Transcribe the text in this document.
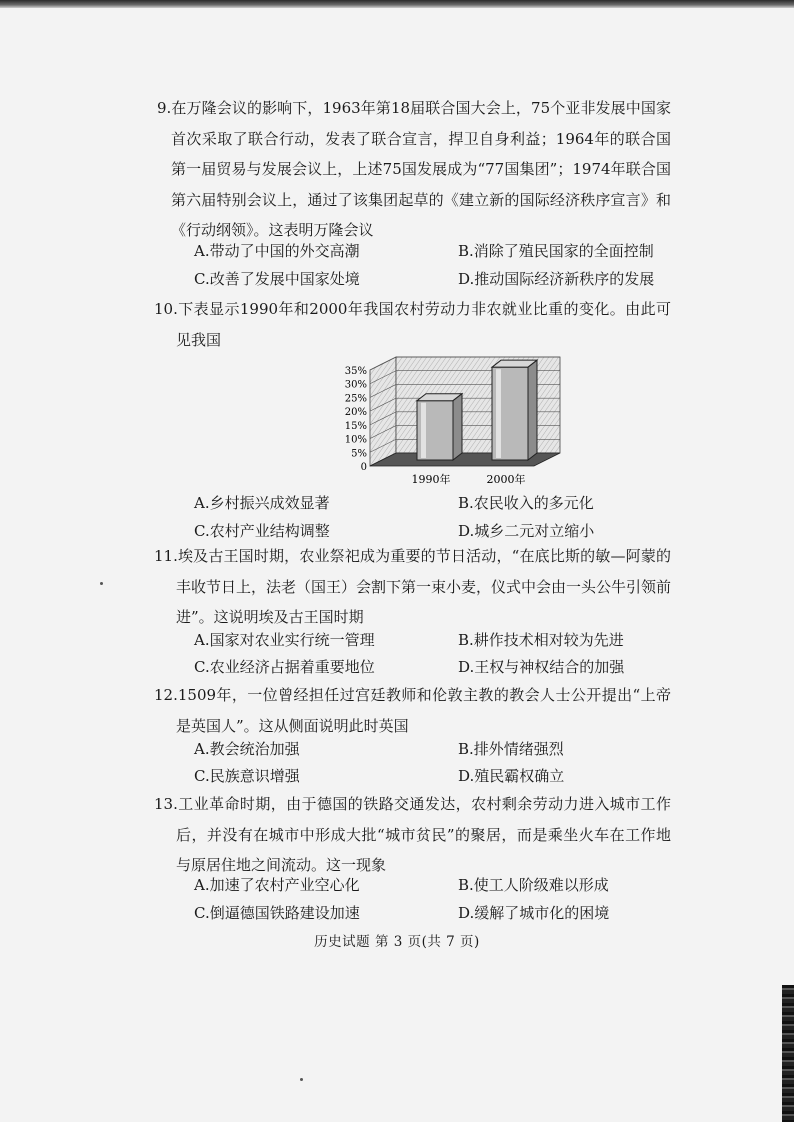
9.在万隆会议的影响下，1963年第18届联合国大会上，75个亚非发展中国家首次采取了联合行动，发表了联合宣言，捍卫自身利益；1964年的联合国第一届贸易与发展会议上，上述75国发展成为“77国集团”；1974年联合国第六届特别会议上，通过了该集团起草的《建立新的国际经济秩序宣言》和《行动纲领》。这表明万隆会议
A.带动了中国的外交高潮	B.消除了殖民国家的全面控制
C.改善了发展中国家处境	D.推动国际经济新秩序的发展
10.下表显示1990年和2000年我国农村劳动力非农就业比重的变化。由此可见我国
35%
30%
25%
20%
15%
10%
5%
0
1990年	2000年
A.乡村振兴成效显著	B.农民收入的多元化
C.农村产业结构调整	D.城乡二元对立缩小
11.埃及古王国时期，农业祭祀成为重要的节日活动，“在底比斯的敏—阿蒙的丰收节日上，法老（国王）会割下第一束小麦，仪式中会由一头公牛引领前进”。这说明埃及古王国时期
A.国家对农业实行统一管理	B.耕作技术相对较为先进
C.农业经济占据着重要地位	D.王权与神权结合的加强
12.1509年，一位曾经担任过宫廷教师和伦敦主教的教会人士公开提出“上帝是英国人”。这从侧面说明此时英国
A.教会统治加强	B.排外情绪强烈
C.民族意识增强	D.殖民霸权确立
13.工业革命时期，由于德国的铁路交通发达，农村剩余劳动力进入城市工作后，并没有在城市中形成大批“城市贫民”的聚居，而是乘坐火车在工作地与原居住地之间流动。这一现象
A.加速了农村产业空心化	B.使工人阶级难以形成
C.倒逼德国铁路建设加速	D.缓解了城市化的困境
历史试题 第 3 页(共 7 页)
